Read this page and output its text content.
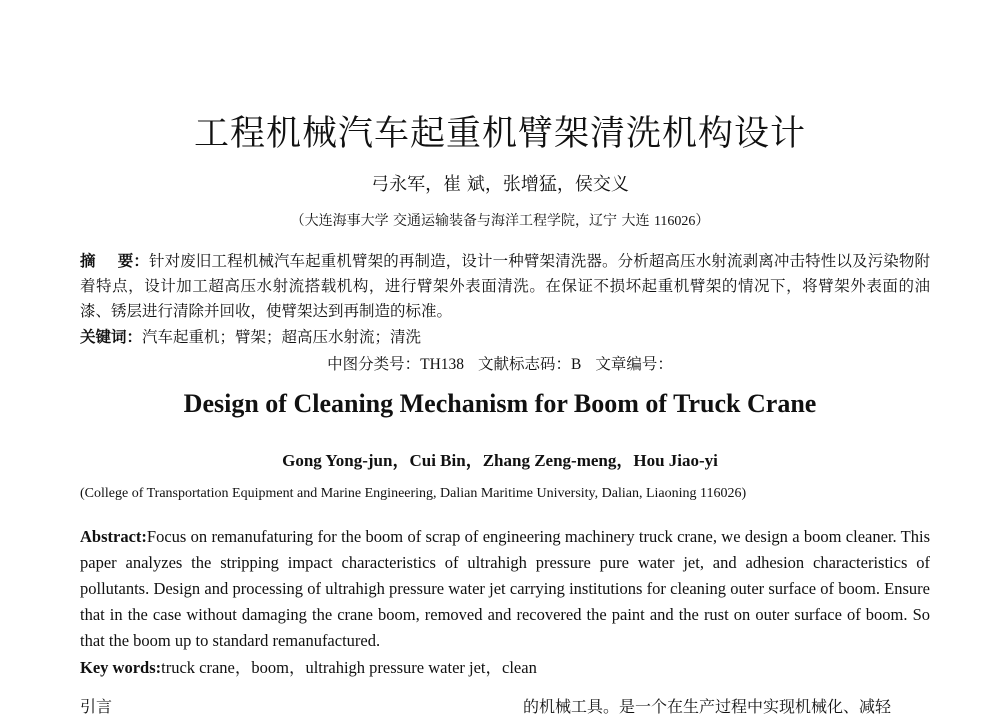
工程机械汽车起重机臂架清洗机构设计
弓永军，崔 斌，张增猛，侯交义
（大连海事大学 交通运输装备与海洋工程学院，辽宁 大连 116026）
摘    要：针对废旧工程机械汽车起重机臂架的再制造，设计一种臂架清洗器。分析超高压水射流剥离冲击特性以及污染物附着特点，设计加工超高压水射流搭载机构，进行臂架外表面清洗。在保证不损坏起重机臂架的情况下，将臂架外表面的油漆、锈层进行清除并回收，使臂架达到再制造的标准。
关键词：汽车起重机；臂架；超高压水射流；清洗
中图分类号：TH138 文献标志码：B 文章编号：
Design of Cleaning Mechanism for Boom of Truck Crane
Gong Yong-jun，Cui Bin，Zhang Zeng-meng，Hou Jiao-yi
(College of Transportation Equipment and Marine Engineering, Dalian Maritime University, Dalian, Liaoning 116026)
Abstract:Focus on remanufaturing for the boom of scrap of engineering machinery truck crane, we design a boom cleaner. This paper analyzes the stripping impact characteristics of ultrahigh pressure pure water jet, and adhesion characteristics of pollutants. Design and processing of ultrahigh pressure water jet carrying institutions for cleaning outer surface of boom. Ensure that in the case without damaging the crane boom, removed and recovered the paint and the rust on outer surface of boom. So that the boom up to standard remanufactured.
Key words:truck crane，boom，ultrahigh pressure water jet，clean
引言	的机械工具。是一个在生产过程中实现机械化、减轻
